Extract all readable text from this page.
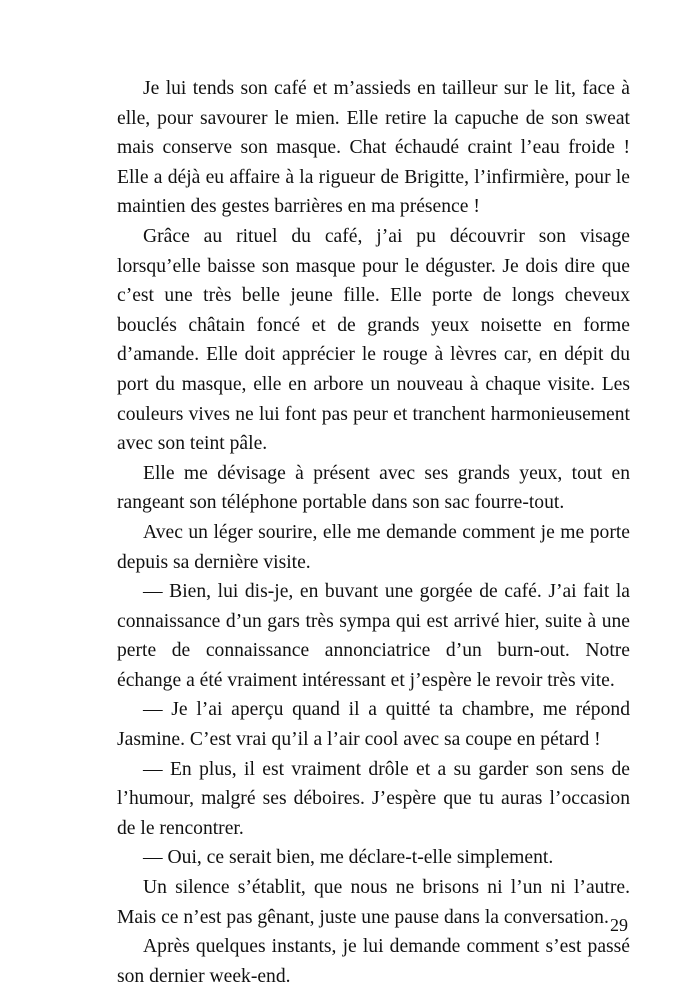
Je lui tends son café et m’assieds en tailleur sur le lit, face à elle, pour savourer le mien. Elle retire la capuche de son sweat mais conserve son masque. Chat échaudé craint l’eau froide ! Elle a déjà eu affaire à la rigueur de Brigitte, l’infirmière, pour le maintien des gestes barrières en ma présence !

Grâce au rituel du café, j’ai pu découvrir son visage lorsqu’elle baisse son masque pour le déguster. Je dois dire que c’est une très belle jeune fille. Elle porte de longs cheveux bouclés châtain foncé et de grands yeux noisette en forme d’amande. Elle doit apprécier le rouge à lèvres car, en dépit du port du masque, elle en arbore un nouveau à chaque visite. Les couleurs vives ne lui font pas peur et tranchent harmonieusement avec son teint pâle.

Elle me dévisage à présent avec ses grands yeux, tout en rangeant son téléphone portable dans son sac fourre-tout.

Avec un léger sourire, elle me demande comment je me porte depuis sa dernière visite.

— Bien, lui dis-je, en buvant une gorgée de café. J’ai fait la connaissance d’un gars très sympa qui est arrivé hier, suite à une perte de connaissance annonciatrice d’un burn-out. Notre échange a été vraiment intéressant et j’espère le revoir très vite.

— Je l’ai aperçu quand il a quitté ta chambre, me répond Jasmine. C’est vrai qu’il a l’air cool avec sa coupe en pétard !

— En plus, il est vraiment drôle et a su garder son sens de l’humour, malgré ses déboires. J’espère que tu auras l’occasion de le rencontrer.

— Oui, ce serait bien, me déclare-t-elle simplement.

Un silence s’établit, que nous ne brisons ni l’un ni l’autre. Mais ce n’est pas gênant, juste une pause dans la conversation.

Après quelques instants, je lui demande comment s’est passé son dernier week-end.

29
